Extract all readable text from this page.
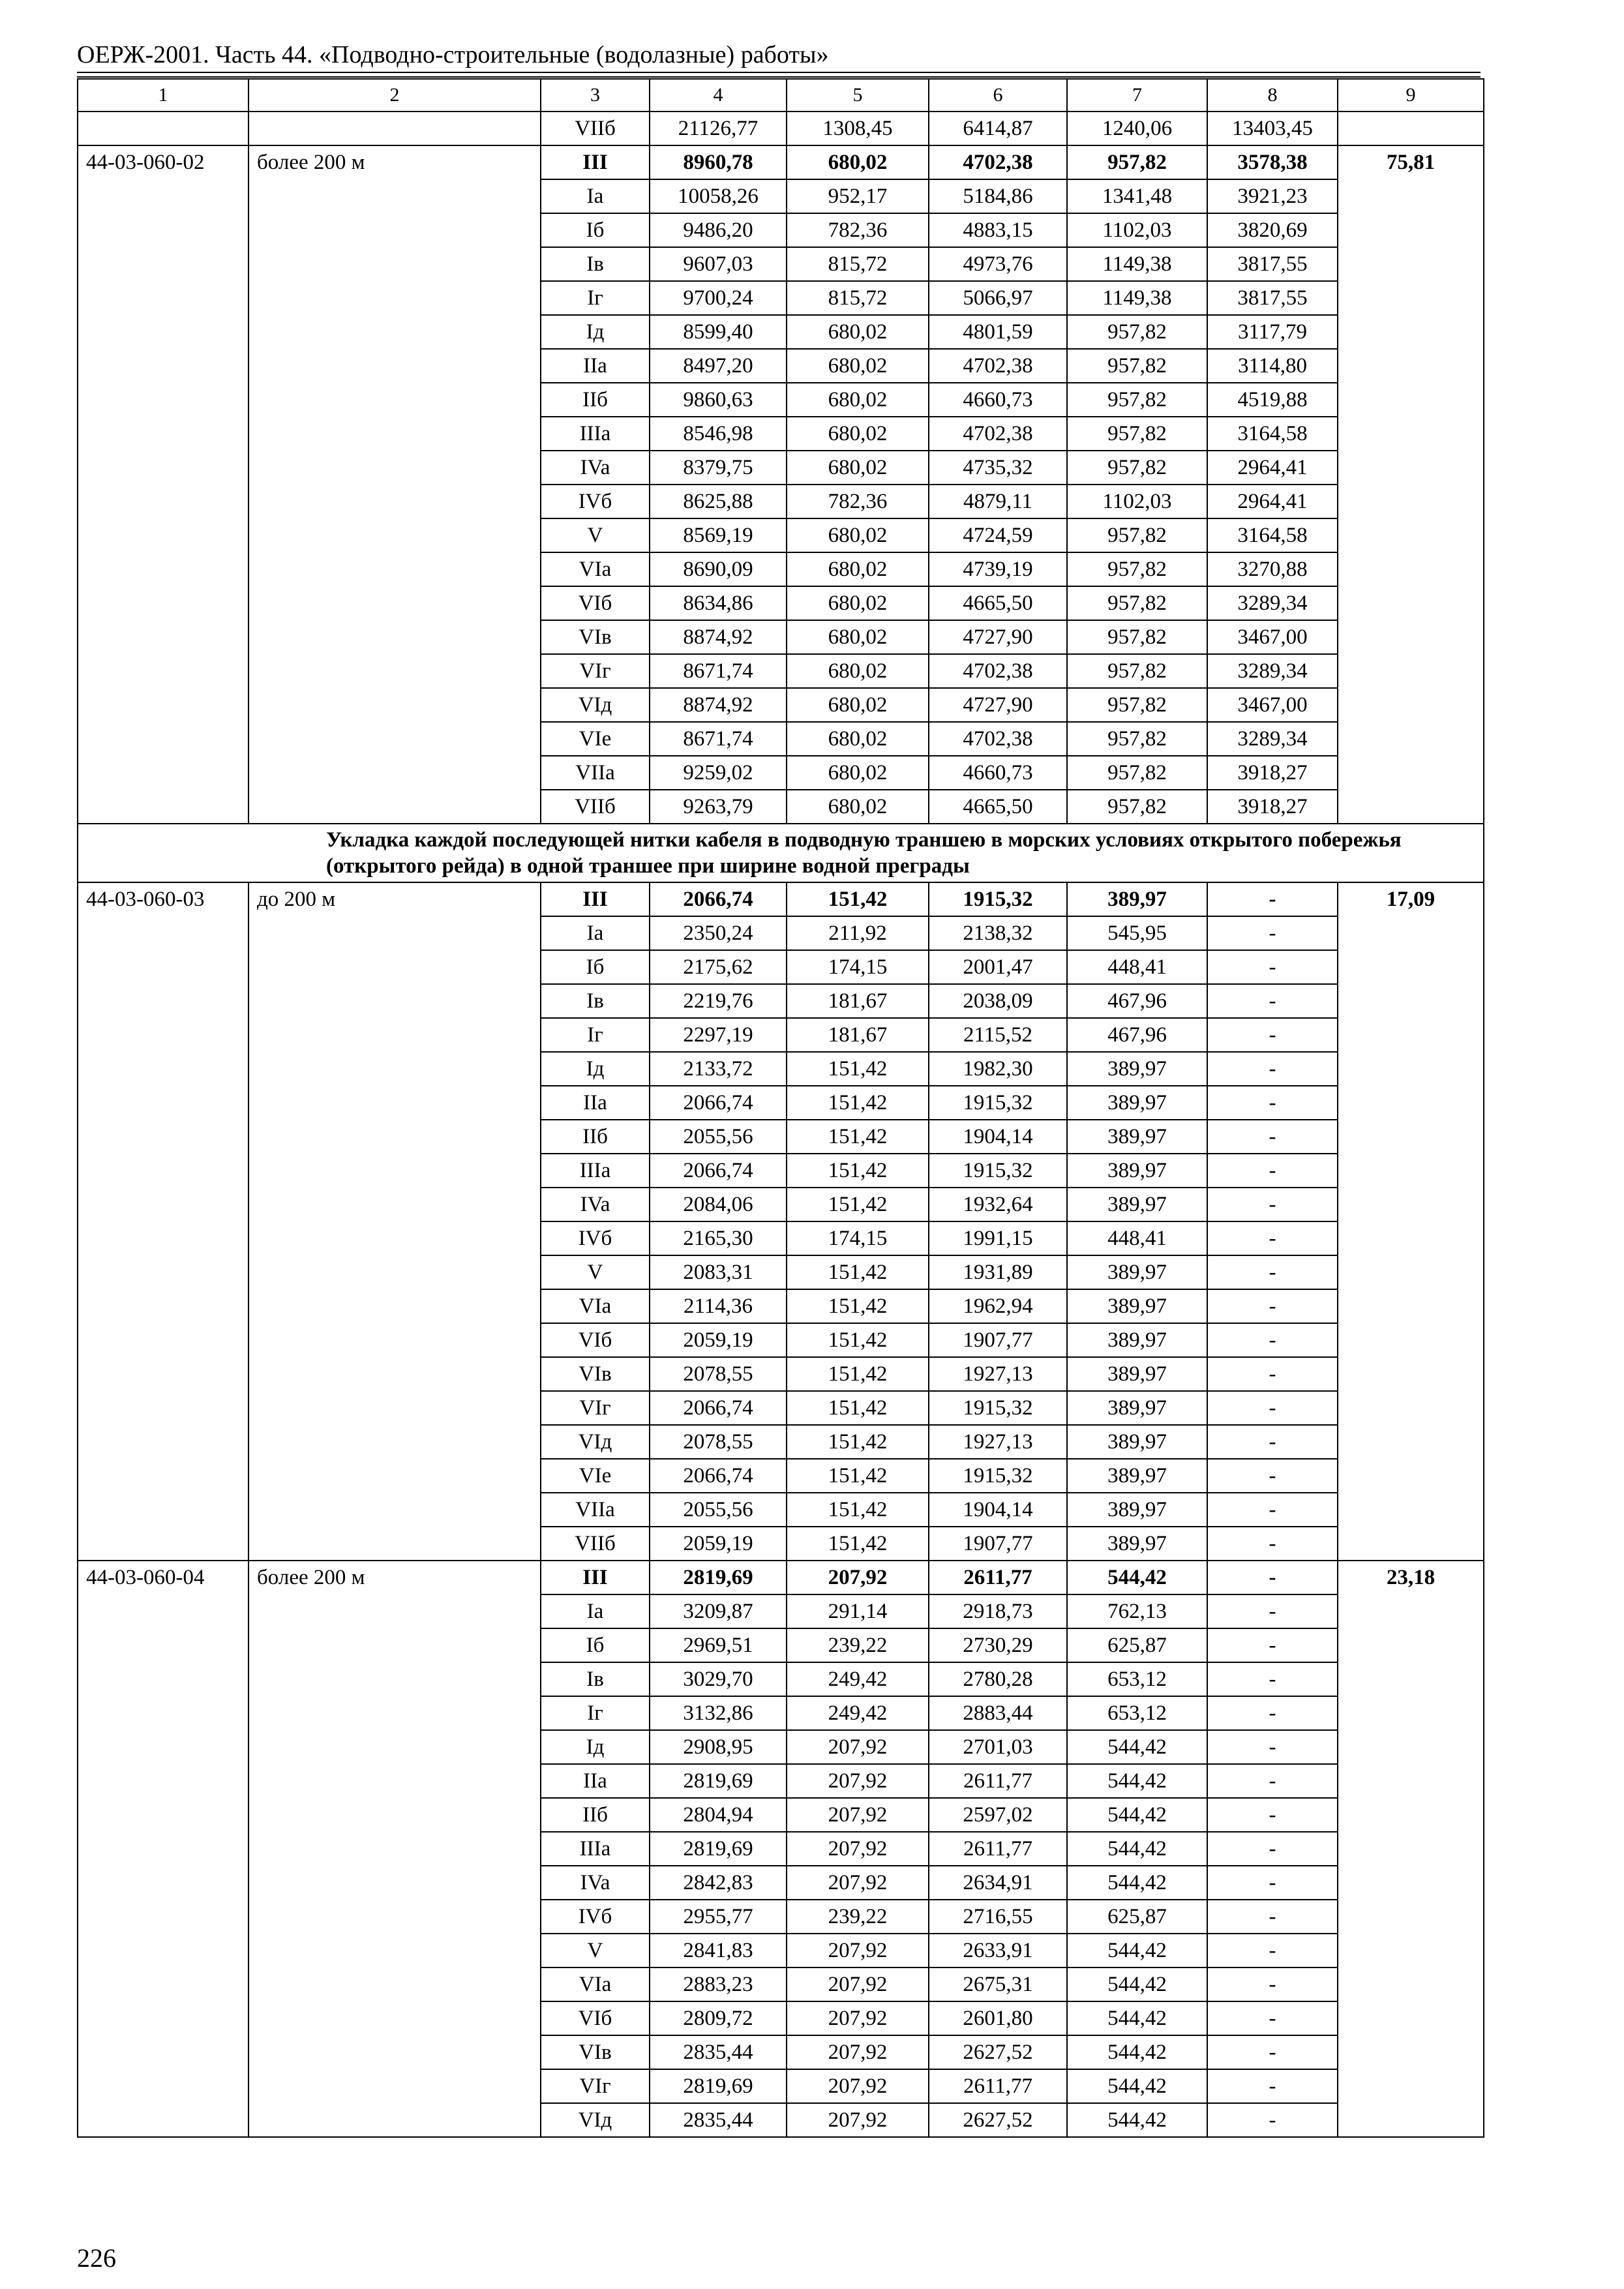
ОЕРЖ-2001. Часть 44. «Подводно-строительные (водолазные) работы»
1	2	3	4	5	6	7	8	9
		VIIб	21126,77	1308,45	6414,87	1240,06	13403,45	
44-03-060-02	более 200 м	III	8960,78	680,02	4702,38	957,82	3578,38	75,81
		Ia	10058,26	952,17	5184,86	1341,48	3921,23	
		Iб	9486,20	782,36	4883,15	1102,03	3820,69	
		Iв	9607,03	815,72	4973,76	1149,38	3817,55	
		Iг	9700,24	815,72	5066,97	1149,38	3817,55	
		Iд	8599,40	680,02	4801,59	957,82	3117,79	
		IIa	8497,20	680,02	4702,38	957,82	3114,80	
		IIб	9860,63	680,02	4660,73	957,82	4519,88	
		IIIa	8546,98	680,02	4702,38	957,82	3164,58	
		IVa	8379,75	680,02	4735,32	957,82	2964,41	
		IVб	8625,88	782,36	4879,11	1102,03	2964,41	
		V	8569,19	680,02	4724,59	957,82	3164,58	
		VIa	8690,09	680,02	4739,19	957,82	3270,88	
		VIб	8634,86	680,02	4665,50	957,82	3289,34	
		VIв	8874,92	680,02	4727,90	957,82	3467,00	
		VIг	8671,74	680,02	4702,38	957,82	3289,34	
		VIд	8874,92	680,02	4727,90	957,82	3467,00	
		VIe	8671,74	680,02	4702,38	957,82	3289,34	
		VIIa	9259,02	680,02	4660,73	957,82	3918,27	
		VIIб	9263,79	680,02	4665,50	957,82	3918,27	
Укладка каждой последующей нитки кабеля в подводную траншею в морских условиях открытого побережья (открытого рейда) в одной траншее при ширине водной преграды								
44-03-060-03	до 200 м	III	2066,74	151,42	1915,32	389,97	-	17,09
		Ia	2350,24	211,92	2138,32	545,95	-	
		Iб	2175,62	174,15	2001,47	448,41	-	
		Iв	2219,76	181,67	2038,09	467,96	-	
		Iг	2297,19	181,67	2115,52	467,96	-	
		Iд	2133,72	151,42	1982,30	389,97	-	
		IIa	2066,74	151,42	1915,32	389,97	-	
		IIб	2055,56	151,42	1904,14	389,97	-	
		IIIa	2066,74	151,42	1915,32	389,97	-	
		IVa	2084,06	151,42	1932,64	389,97	-	
		IVб	2165,30	174,15	1991,15	448,41	-	
		V	2083,31	151,42	1931,89	389,97	-	
		VIa	2114,36	151,42	1962,94	389,97	-	
		VIб	2059,19	151,42	1907,77	389,97	-	
		VIв	2078,55	151,42	1927,13	389,97	-	
		VIг	2066,74	151,42	1915,32	389,97	-	
		VIд	2078,55	151,42	1927,13	389,97	-	
		VIe	2066,74	151,42	1915,32	389,97	-	
		VIIa	2055,56	151,42	1904,14	389,97	-	
		VIIб	2059,19	151,42	1907,77	389,97	-	
44-03-060-04	более 200 м	III	2819,69	207,92	2611,77	544,42	-	23,18
		Ia	3209,87	291,14	2918,73	762,13	-	
		Iб	2969,51	239,22	2730,29	625,87	-	
		Iв	3029,70	249,42	2780,28	653,12	-	
		Iг	3132,86	249,42	2883,44	653,12	-	
		Iд	2908,95	207,92	2701,03	544,42	-	
		IIa	2819,69	207,92	2611,77	544,42	-	
		IIб	2804,94	207,92	2597,02	544,42	-	
		IIIa	2819,69	207,92	2611,77	544,42	-	
		IVa	2842,83	207,92	2634,91	544,42	-	
		IVб	2955,77	239,22	2716,55	625,87	-	
		V	2841,83	207,92	2633,91	544,42	-	
		VIa	2883,23	207,92	2675,31	544,42	-	
		VIб	2809,72	207,92	2601,80	544,42	-	
		VIв	2835,44	207,92	2627,52	544,42	-	
		VIг	2819,69	207,92	2611,77	544,42	-	
		VIд	2835,44	207,92	2627,52	544,42	-	
226
